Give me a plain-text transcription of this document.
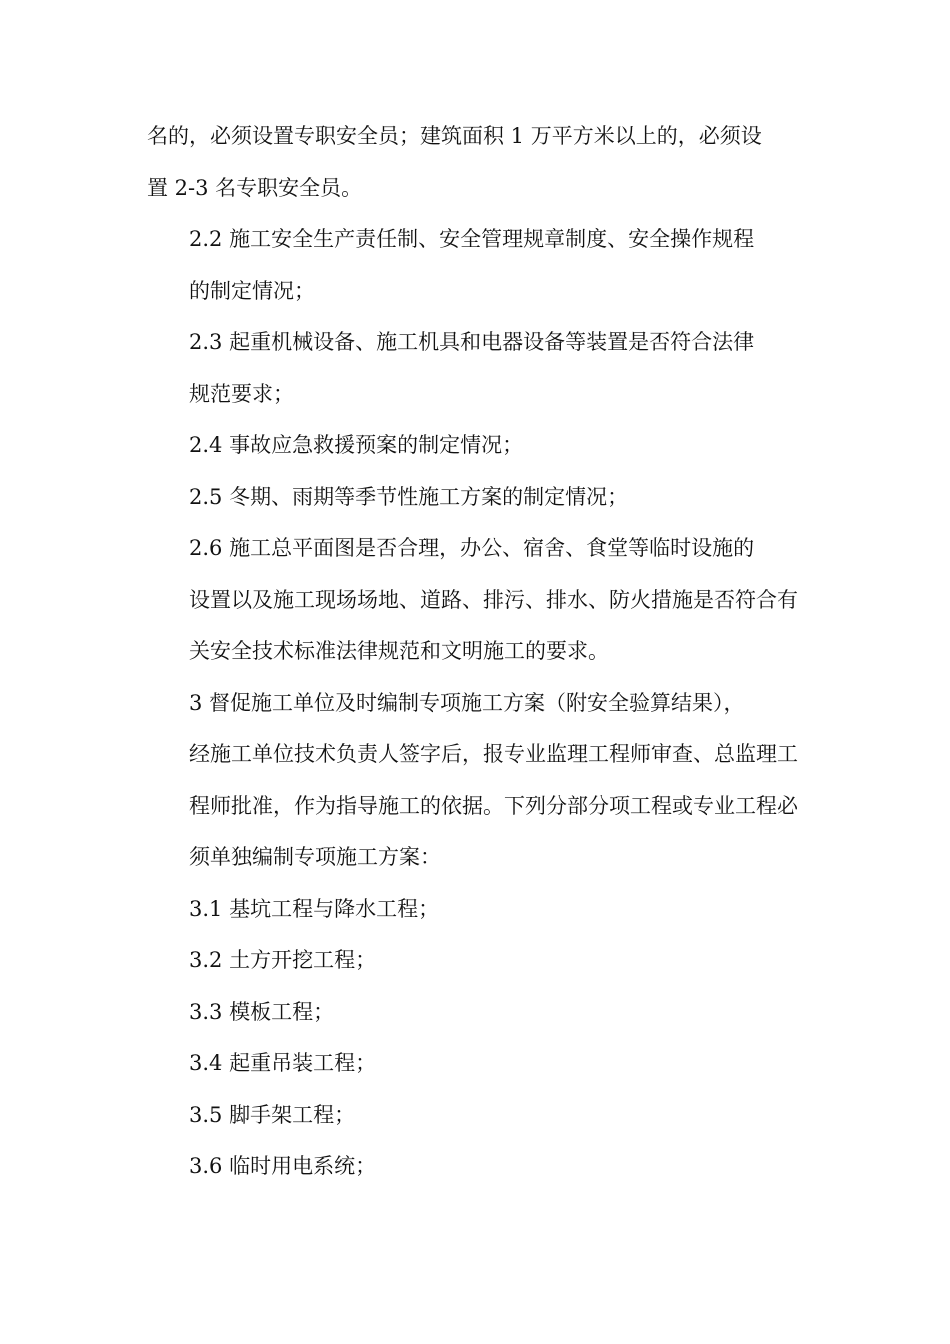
名的，必须设置专职安全员；建筑面积 1 万平方米以上的，必须设
置 2-3 名专职安全员。

2.2 施工安全生产责任制、安全管理规章制度、安全操作规程
的制定情况；

2.3 起重机械设备、施工机具和电器设备等装置是否符合法律
规范要求；

2.4 事故应急救援预案的制定情况；

2.5 冬期、雨期等季节性施工方案的制定情况；

2.6 施工总平面图是否合理，办公、宿舍、食堂等临时设施的
设置以及施工现场场地、道路、排污、排水、防火措施是否符合有
关安全技术标准法律规范和文明施工的要求。

3 督促施工单位及时编制专项施工方案（附安全验算结果），
经施工单位技术负责人签字后，报专业监理工程师审查、总监理工
程师批准，作为指导施工的依据。下列分部分项工程或专业工程必
须单独编制专项施工方案：

3.1 基坑工程与降水工程；

3.2 土方开挖工程；

3.3 模板工程；

3.4 起重吊装工程；

3.5 脚手架工程；

3.6 临时用电系统；
